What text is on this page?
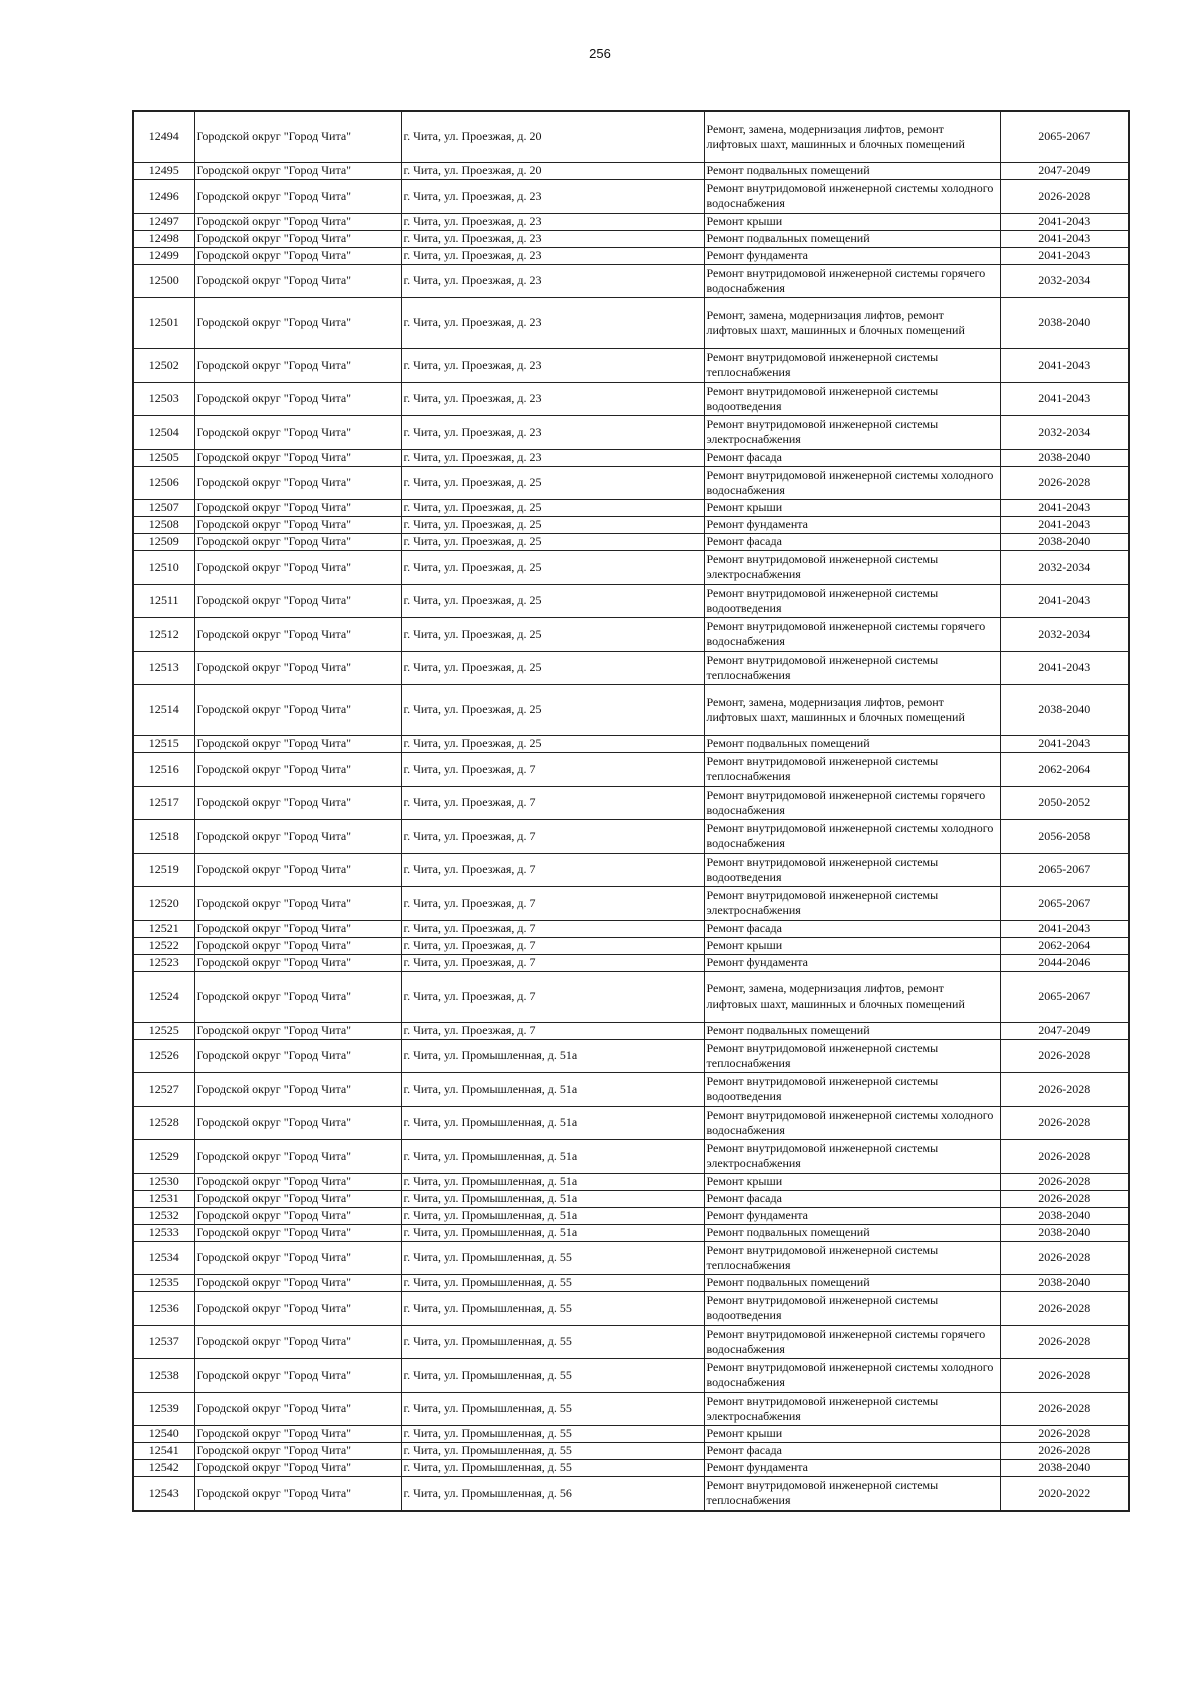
256
12494	Городской округ "Город Чита"	г. Чита, ул. Проезжая, д. 20	Ремонт, замена, модернизация лифтов, ремонт лифтовых шахт, машинных и блочных помещений	2065-2067
12495	Городской округ "Город Чита"	г. Чита, ул. Проезжая, д. 20	Ремонт подвальных помещений	2047-2049
12496	Городской округ "Город Чита"	г. Чита, ул. Проезжая, д. 23	Ремонт внутридомовой инженерной системы холодного водоснабжения	2026-2028
12497	Городской округ "Город Чита"	г. Чита, ул. Проезжая, д. 23	Ремонт крыши	2041-2043
12498	Городской округ "Город Чита"	г. Чита, ул. Проезжая, д. 23	Ремонт подвальных помещений	2041-2043
12499	Городской округ "Город Чита"	г. Чита, ул. Проезжая, д. 23	Ремонт фундамента	2041-2043
12500	Городской округ "Город Чита"	г. Чита, ул. Проезжая, д. 23	Ремонт внутридомовой инженерной системы горячего водоснабжения	2032-2034
12501	Городской округ "Город Чита"	г. Чита, ул. Проезжая, д. 23	Ремонт, замена, модернизация лифтов, ремонт лифтовых шахт, машинных и блочных помещений	2038-2040
12502	Городской округ "Город Чита"	г. Чита, ул. Проезжая, д. 23	Ремонт внутридомовой инженерной системы теплоснабжения	2041-2043
12503	Городской округ "Город Чита"	г. Чита, ул. Проезжая, д. 23	Ремонт внутридомовой инженерной системы водоотведения	2041-2043
12504	Городской округ "Город Чита"	г. Чита, ул. Проезжая, д. 23	Ремонт внутридомовой инженерной системы электроснабжения	2032-2034
12505	Городской округ "Город Чита"	г. Чита, ул. Проезжая, д. 23	Ремонт фасада	2038-2040
12506	Городской округ "Город Чита"	г. Чита, ул. Проезжая, д. 25	Ремонт внутридомовой инженерной системы холодного водоснабжения	2026-2028
12507	Городской округ "Город Чита"	г. Чита, ул. Проезжая, д. 25	Ремонт крыши	2041-2043
12508	Городской округ "Город Чита"	г. Чита, ул. Проезжая, д. 25	Ремонт фундамента	2041-2043
12509	Городской округ "Город Чита"	г. Чита, ул. Проезжая, д. 25	Ремонт фасада	2038-2040
12510	Городской округ "Город Чита"	г. Чита, ул. Проезжая, д. 25	Ремонт внутридомовой инженерной системы электроснабжения	2032-2034
12511	Городской округ "Город Чита"	г. Чита, ул. Проезжая, д. 25	Ремонт внутридомовой инженерной системы водоотведения	2041-2043
12512	Городской округ "Город Чита"	г. Чита, ул. Проезжая, д. 25	Ремонт внутридомовой инженерной системы горячего водоснабжения	2032-2034
12513	Городской округ "Город Чита"	г. Чита, ул. Проезжая, д. 25	Ремонт внутридомовой инженерной системы теплоснабжения	2041-2043
12514	Городской округ "Город Чита"	г. Чита, ул. Проезжая, д. 25	Ремонт, замена, модернизация лифтов, ремонт лифтовых шахт, машинных и блочных помещений	2038-2040
12515	Городской округ "Город Чита"	г. Чита, ул. Проезжая, д. 25	Ремонт подвальных помещений	2041-2043
12516	Городской округ "Город Чита"	г. Чита, ул. Проезжая, д. 7	Ремонт внутридомовой инженерной системы теплоснабжения	2062-2064
12517	Городской округ "Город Чита"	г. Чита, ул. Проезжая, д. 7	Ремонт внутридомовой инженерной системы горячего водоснабжения	2050-2052
12518	Городской округ "Город Чита"	г. Чита, ул. Проезжая, д. 7	Ремонт внутридомовой инженерной системы холодного водоснабжения	2056-2058
12519	Городской округ "Город Чита"	г. Чита, ул. Проезжая, д. 7	Ремонт внутридомовой инженерной системы водоотведения	2065-2067
12520	Городской округ "Город Чита"	г. Чита, ул. Проезжая, д. 7	Ремонт внутридомовой инженерной системы электроснабжения	2065-2067
12521	Городской округ "Город Чита"	г. Чита, ул. Проезжая, д. 7	Ремонт фасада	2041-2043
12522	Городской округ "Город Чита"	г. Чита, ул. Проезжая, д. 7	Ремонт крыши	2062-2064
12523	Городской округ "Город Чита"	г. Чита, ул. Проезжая, д. 7	Ремонт фундамента	2044-2046
12524	Городской округ "Город Чита"	г. Чита, ул. Проезжая, д. 7	Ремонт, замена, модернизация лифтов, ремонт лифтовых шахт, машинных и блочных помещений	2065-2067
12525	Городской округ "Город Чита"	г. Чита, ул. Проезжая, д. 7	Ремонт подвальных помещений	2047-2049
12526	Городской округ "Город Чита"	г. Чита, ул. Промышленная, д. 51а	Ремонт внутридомовой инженерной системы теплоснабжения	2026-2028
12527	Городской округ "Город Чита"	г. Чита, ул. Промышленная, д. 51а	Ремонт внутридомовой инженерной системы водоотведения	2026-2028
12528	Городской округ "Город Чита"	г. Чита, ул. Промышленная, д. 51а	Ремонт внутридомовой инженерной системы холодного водоснабжения	2026-2028
12529	Городской округ "Город Чита"	г. Чита, ул. Промышленная, д. 51а	Ремонт внутридомовой инженерной системы электроснабжения	2026-2028
12530	Городской округ "Город Чита"	г. Чита, ул. Промышленная, д. 51а	Ремонт крыши	2026-2028
12531	Городской округ "Город Чита"	г. Чита, ул. Промышленная, д. 51а	Ремонт фасада	2026-2028
12532	Городской округ "Город Чита"	г. Чита, ул. Промышленная, д. 51а	Ремонт фундамента	2038-2040
12533	Городской округ "Город Чита"	г. Чита, ул. Промышленная, д. 51а	Ремонт подвальных помещений	2038-2040
12534	Городской округ "Город Чита"	г. Чита, ул. Промышленная, д. 55	Ремонт внутридомовой инженерной системы теплоснабжения	2026-2028
12535	Городской округ "Город Чита"	г. Чита, ул. Промышленная, д. 55	Ремонт подвальных помещений	2038-2040
12536	Городской округ "Город Чита"	г. Чита, ул. Промышленная, д. 55	Ремонт внутридомовой инженерной системы водоотведения	2026-2028
12537	Городской округ "Город Чита"	г. Чита, ул. Промышленная, д. 55	Ремонт внутридомовой инженерной системы горячего водоснабжения	2026-2028
12538	Городской округ "Город Чита"	г. Чита, ул. Промышленная, д. 55	Ремонт внутридомовой инженерной системы холодного водоснабжения	2026-2028
12539	Городской округ "Город Чита"	г. Чита, ул. Промышленная, д. 55	Ремонт внутридомовой инженерной системы электроснабжения	2026-2028
12540	Городской округ "Город Чита"	г. Чита, ул. Промышленная, д. 55	Ремонт крыши	2026-2028
12541	Городской округ "Город Чита"	г. Чита, ул. Промышленная, д. 55	Ремонт фасада	2026-2028
12542	Городской округ "Город Чита"	г. Чита, ул. Промышленная, д. 55	Ремонт фундамента	2038-2040
12543	Городской округ "Город Чита"	г. Чита, ул. Промышленная, д. 56	Ремонт внутридомовой инженерной системы теплоснабжения	2020-2022
